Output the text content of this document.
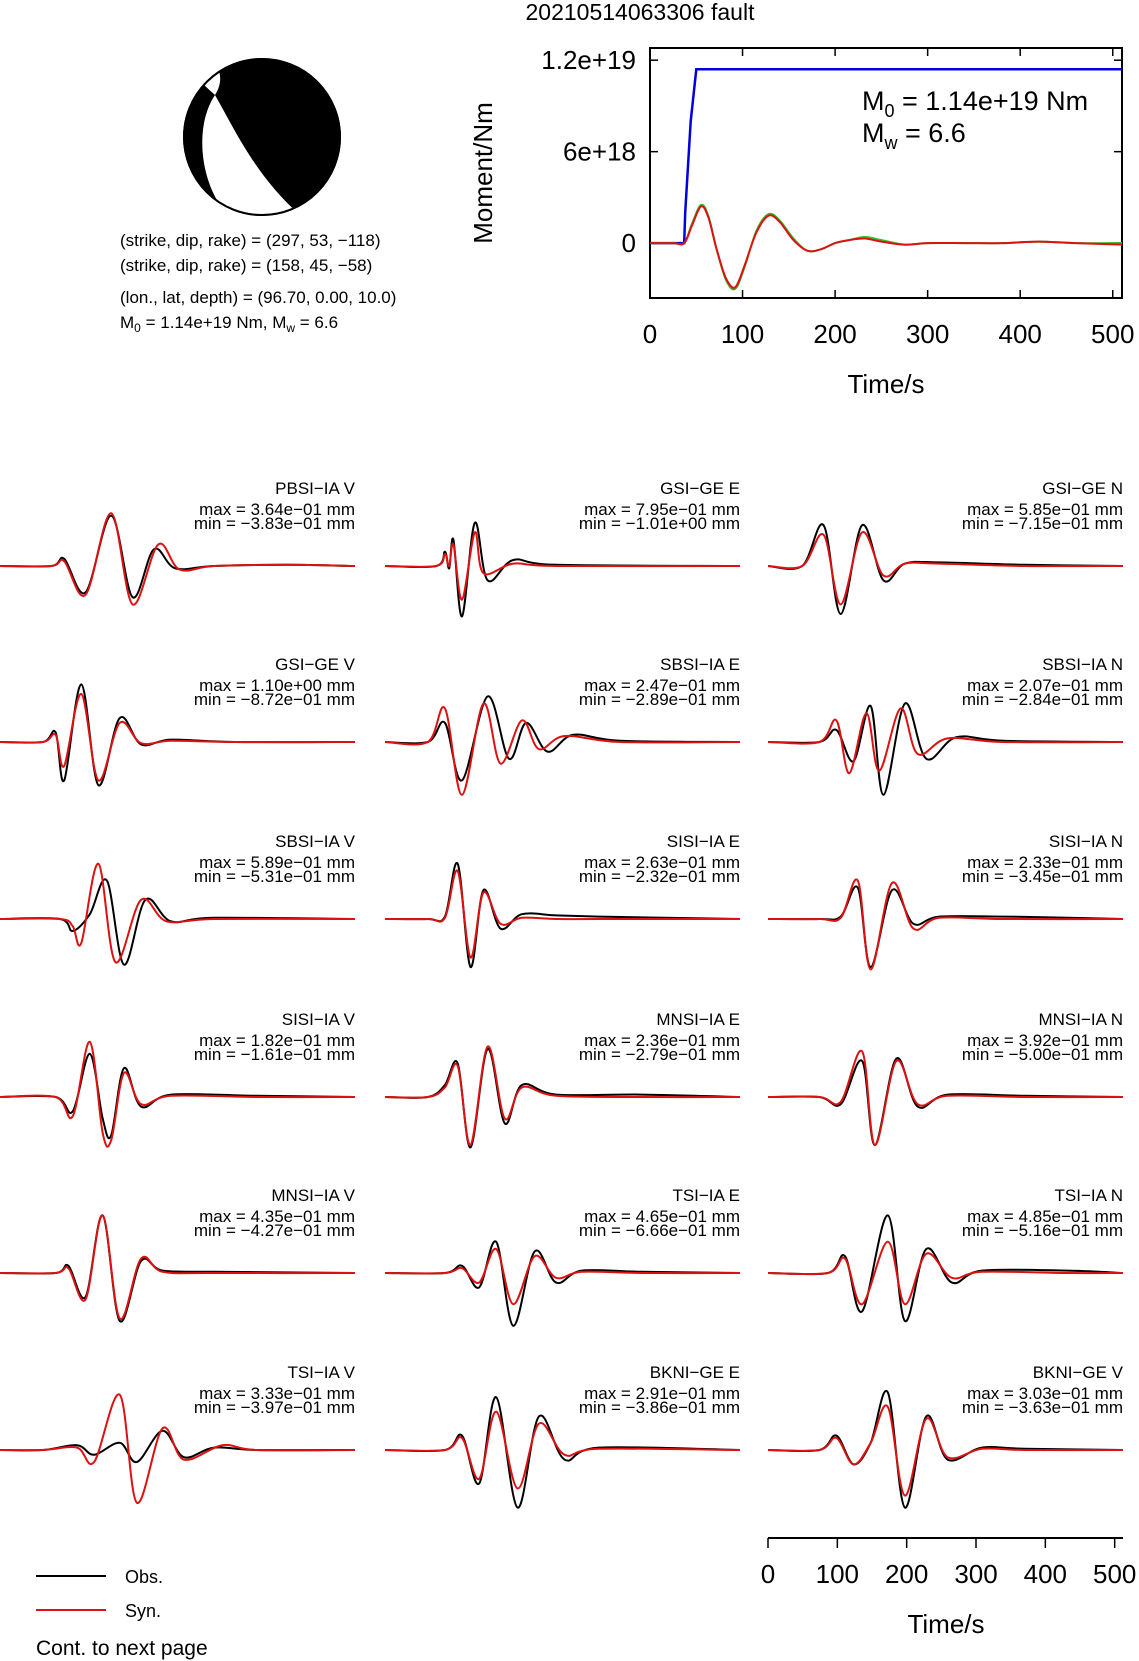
20210514063306 fault
(strike, dip, rake) = (297, 53, −118)
(strike, dip, rake) = (158, 45, −58)
(lon., lat, depth) = (96.70, 0.00, 10.0)
$M_0 = 1.14e+19$ Nm, $M_w = 6.6$	0 100 200 300 400 500
0
6e+18
1.2e+19
Moment/Nm
Time/s
$M_0 = 1.14e+19$ Nm
$M_w = 6.6$
PBSI−IA V
max = 3.64e−01 mm
min = −3.83e−01 mm
GSI−GE E
max = 7.95e−01 mm
min = −1.01e+00 mm
GSI−GE N
max = 5.85e−01 mm
min = −7.15e−01 mm
GSI−GE V
max = 1.10e+00 mm
min = −8.72e−01 mm
SBSI−IA E
max = 2.47e−01 mm
min = −2.89e−01 mm
SBSI−IA N
max = 2.07e−01 mm
min = −2.84e−01 mm
SBSI−IA V
max = 5.89e−01 mm
min = −5.31e−01 mm
SISI−IA E
max = 2.63e−01 mm
min = −2.32e−01 mm
SISI−IA N
max = 2.33e−01 mm
min = −3.45e−01 mm
SISI−IA V
max = 1.82e−01 mm
min = −1.61e−01 mm
MNSI−IA E
max = 2.36e−01 mm
min = −2.79e−01 mm
MNSI−IA N
max = 3.92e−01 mm
min = −5.00e−01 mm
MNSI−IA V
max = 4.35e−01 mm
min = −4.27e−01 mm
TSI−IA E
max = 4.65e−01 mm
min = −6.66e−01 mm
TSI−IA N
max = 4.85e−01 mm
min = −5.16e−01 mm
TSI−IA V
max = 3.33e−01 mm
min = −3.97e−01 mm
BKNI−GE E
max = 2.91e−01 mm
min = −3.86e−01 mm
BKNI−GE V
max = 3.03e−01 mm
min = −3.63e−01 mm
Time/s
0 100 200 300 400 500
Obs.
Syn.
Cont. to next page
